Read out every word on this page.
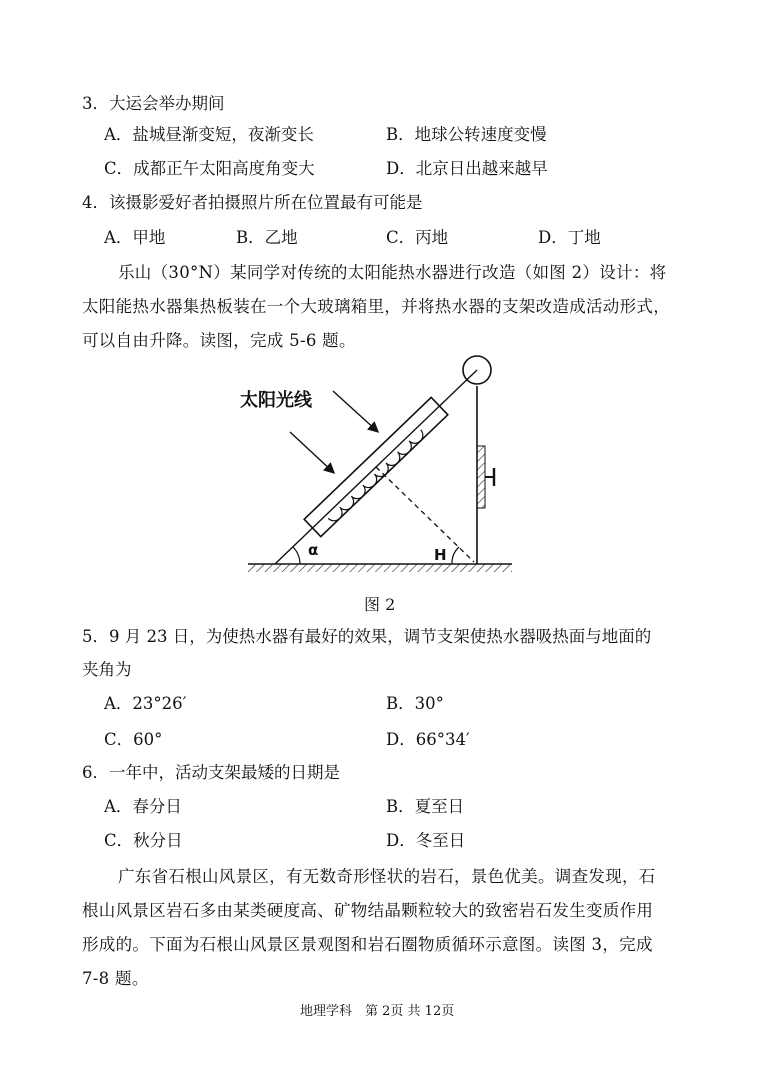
3．大运会举办期间
A．盐城昼渐变短，夜渐变长	B．地球公转速度变慢
C．成都正午太阳高度角变大	D．北京日出越来越早
4．该摄影爱好者拍摄照片所在位置最有可能是
A．甲地	B．乙地	C．丙地	D．丁地
乐山（30°N）某同学对传统的太阳能热水器进行改造（如图 2）设计：将
太阳能热水器集热板装在一个大玻璃箱里，并将热水器的支架改造成活动形式，
可以自由升降。读图，完成 5-6 题。
太阳光线
α	H
图 2
5．9 月 23 日，为使热水器有最好的效果，调节支架使热水器吸热面与地面的
夹角为
A．23°26′	B．30°
C．60°	D．66°34′
6．一年中，活动支架最矮的日期是
A．春分日	B．夏至日
C．秋分日	D．冬至日
广东省石根山风景区，有无数奇形怪状的岩石，景色优美。调查发现，石
根山风景区岩石多由某类硬度高、矿物结晶颗粒较大的致密岩石发生变质作用
形成的。下面为石根山风景区景观图和岩石圈物质循环示意图。读图 3，完成
7-8 题。
地理学科　第 2页 共 12页
